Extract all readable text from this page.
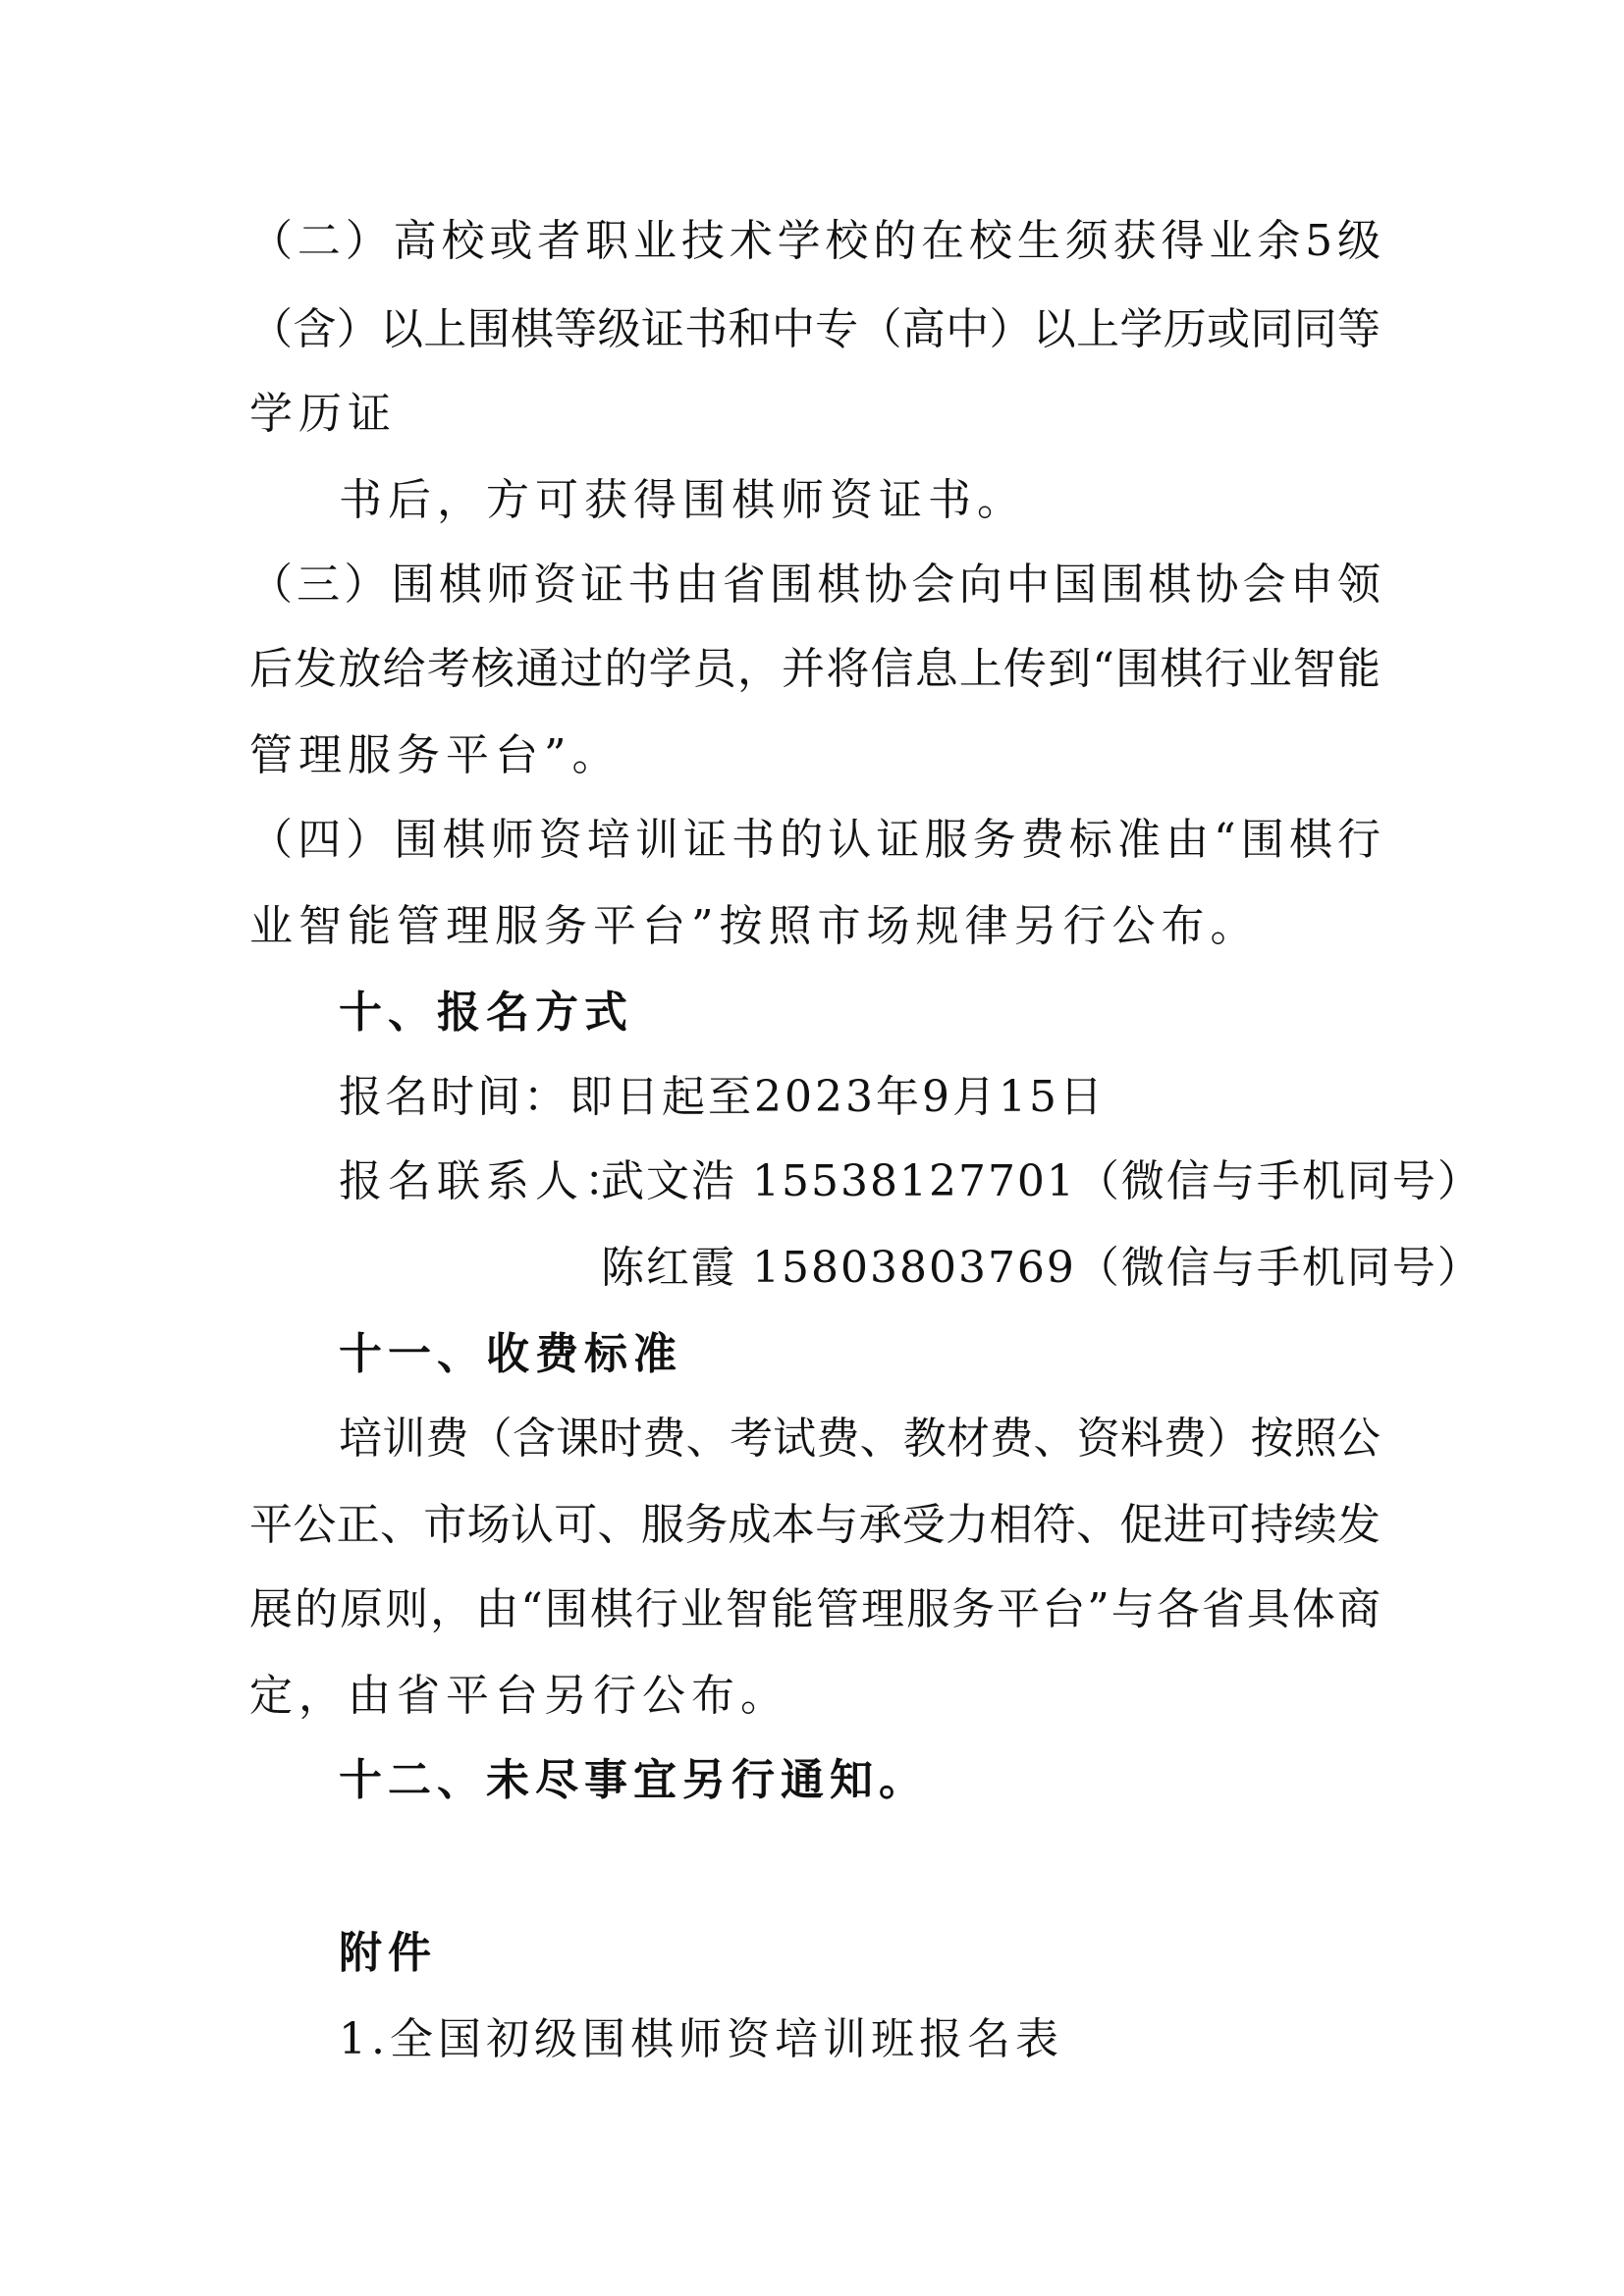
（二）高校或者职业技术学校的在校生须获得业余5级
（含）以上围棋等级证书和中专（高中）以上学历或同同等
学历证
书后，方可获得围棋师资证书。
（三）围棋师资证书由省围棋协会向中国围棋协会申领
后发放给考核通过的学员，并将信息上传到“围棋行业智能
管理服务平台”。
（四）围棋师资培训证书的认证服务费标准由“围棋行
业智能管理服务平台”按照市场规律另行公布。
十、报名方式
报名时间：即日起至2023年9月15日
报名联系人：
武文浩 15538127701（微信与手机同号）
陈红霞 15803803769（微信与手机同号）
十一、收费标准
培训费（含课时费、考试费、教材费、资料费）按照公
平公正、市场认可、服务成本与承受力相符、促进可持续发
展的原则，由“围棋行业智能管理服务平台”与各省具体商
定，由省平台另行公布。
十二、未尽事宜另行通知。
附件
1.全国初级围棋师资培训班报名表
